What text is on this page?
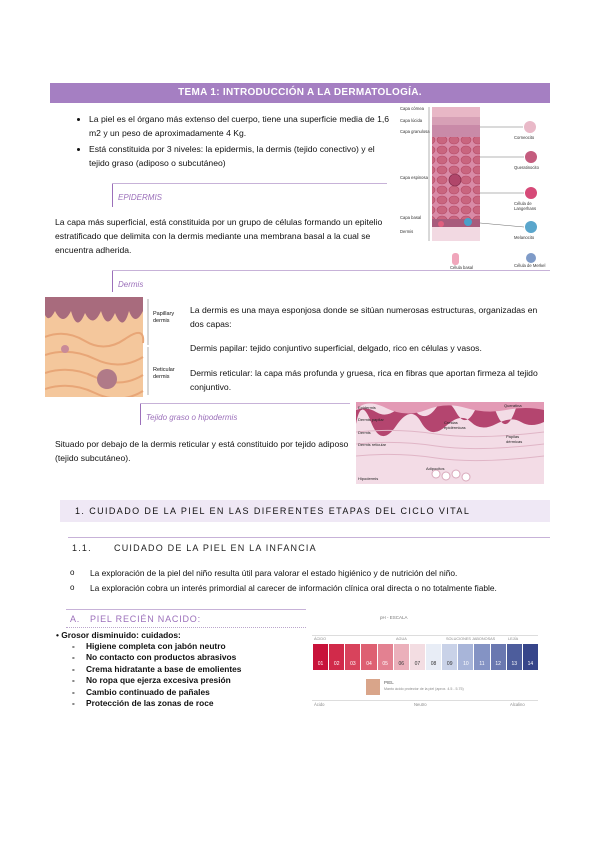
TEMA 1: INTRODUCCIÓN A LA DERMATOLOGÍA.
• La piel es el órgano más extenso del cuerpo, tiene una superficie media de 1,6 m2 y un peso de aproximadamente 4 Kg.
• Está constituida por 3 niveles: la epidermis, la dermis (tejido conectivo) y el tejido graso (adiposo o subcutáneo)
Capa córnea
Capa lúcida
Capa granulosa
Capa espinosa
Capa basal
Dermis
Corneocito
Queratinocito
Célula de Langerhans
Melanocito
Célula de Merkel
Célula basal
EPIDERMIS
La capa más superficial, está constituida por un grupo de células formando un epitelio estratificado que delimita con la dermis mediante una membrana basal a la cual se encuentra adherida.
Dermis
Papillary dermis
Reticular dermis
La dermis es una maya esponjosa donde se sitúan numerosas estructuras, organizadas en dos capas:
Dermis papilar: tejido conjuntivo superficial, delgado, rico en células y vasos.
Dermis reticular: la capa más profunda y gruesa, rica en fibras que aportan firmeza al tejido conjuntivo.
Tejido graso o hipodermis
Situado por debajo de la dermis reticular y está constituido por tejido adiposo (tejido subcutáneo).
Epidermis
Dermis papilar
Dermis
Dermis reticular
Hipodermis
Queratina
Crestas epidérmicas
Papilas dérmicas
Adipocitos
1. CUIDADO DE LA PIEL EN LAS DIFERENTES ETAPAS DEL CICLO VITAL
1.1.      CUIDADO DE LA PIEL EN LA INFANCIA
o La exploración de la piel del niño resulta útil para valorar el estado higiénico y de nutrición del niño.
o La exploración cobra un interés primordial al carecer de información clínica oral directa o no totalmente fiable.
A.   PIEL RECIÉN NACIDO:
• Grosor disminuido: cuidados:
- Higiene completa con jabón neutro
- No contacto con productos abrasivos
- Crema hidratante a base de emolientes
- No ropa que ejerza excesiva presión
- Cambio continuado de pañales
- Protección de las zonas de roce
pH - ESCALA
ÁCIDO	AGUA	SOLUCIONES JABONOSAS	LEJÍA
01	02	03	04	05	06	07	08	09	10	11	12	13	14
PIEL
Manto ácido protector de la piel (aprox. 4.5 - 5.75)
Ácido	Neutro	Alcalino
